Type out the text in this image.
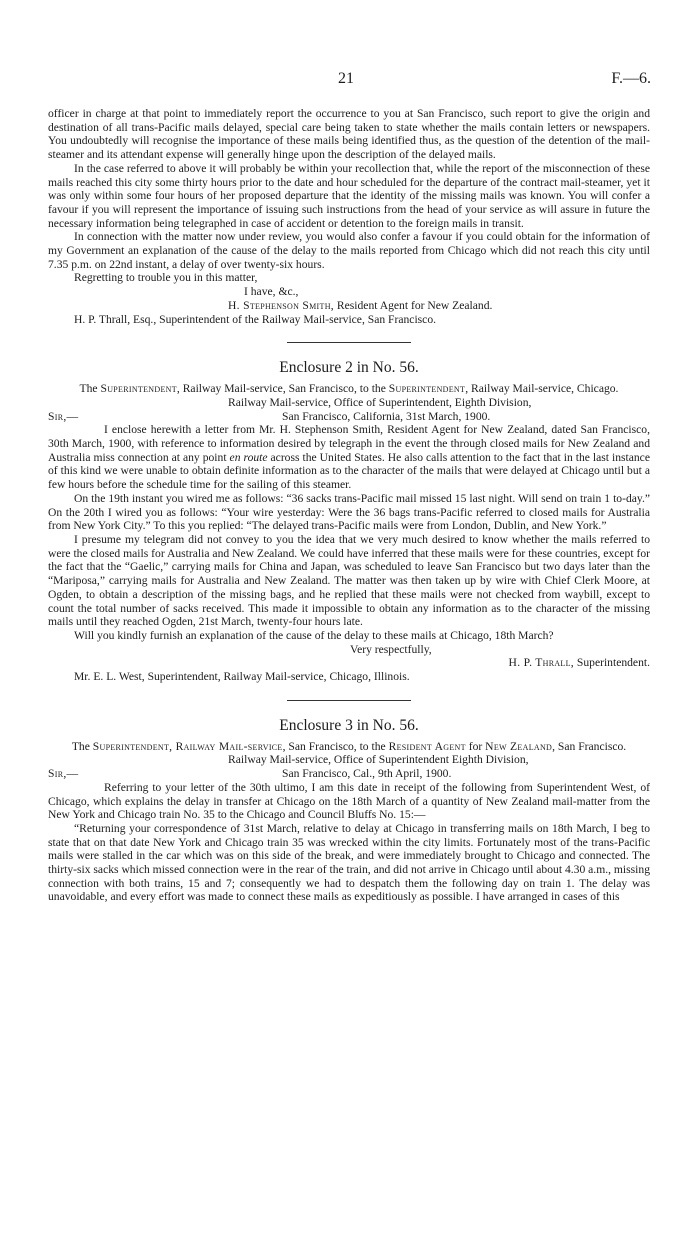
21	F.—6.

officer in charge at that point to immediately report the occurrence to you at San Francisco, such report to give the origin and destination of all trans-Pacific mails delayed, special care being taken to state whether the mails contain letters or newspapers. You undoubtedly will recognise the importance of these mails being identified thus, as the question of the detention of the mail-steamer and its attendant expense will generally hinge upon the description of the delayed mails.

In the case referred to above it will probably be within your recollection that, while the report of the misconnection of these mails reached this city some thirty hours prior to the date and hour scheduled for the departure of the contract mail-steamer, yet it was only within some four hours of her proposed departure that the identity of the missing mails was known. You will confer a favour if you will represent the importance of issuing such instructions from the head of your service as will assure in future the necessary information being telegraphed in case of accident or detention to the foreign mails in transit.

In connection with the matter now under review, you would also confer a favour if you could obtain for the information of my Government an explanation of the cause of the delay to the mails reported from Chicago which did not reach this city until 7.35 p.m. on 22nd instant, a delay of over twenty-six hours.

Regretting to trouble you in this matter,

I have, &c.,

H. Stephenson Smith, Resident Agent for New Zealand.

H. P. Thrall, Esq., Superintendent of the Railway Mail-service, San Francisco.

Enclosure 2 in No. 56.

The Superintendent, Railway Mail-service, San Francisco, to the Superintendent, Railway Mail-service, Chicago.

Railway Mail-service, Office of Superintendent, Eighth Division,

Sir,—	San Francisco, California, 31st March, 1900.

I enclose herewith a letter from Mr. H. Stephenson Smith, Resident Agent for New Zealand, dated San Francisco, 30th March, 1900, with reference to information desired by telegraph in the event the through closed mails for New Zealand and Australia miss connection at any point en route across the United States. He also calls attention to the fact that in the last instance of this kind we were unable to obtain definite information as to the character of the mails that were delayed at Chicago until but a few hours before the schedule time for the sailing of this steamer.

On the 19th instant you wired me as follows: “36 sacks trans-Pacific mail missed 15 last night. Will send on train 1 to-day.” On the 20th I wired you as follows: “Your wire yesterday: Were the 36 bags trans-Pacific referred to closed mails for Australia from New York City.” To this you replied: “The delayed trans-Pacific mails were from London, Dublin, and New York.”

I presume my telegram did not convey to you the idea that we very much desired to know whether the mails referred to were the closed mails for Australia and New Zealand. We could have inferred that these mails were for these countries, except for the fact that the “Gaelic,” carrying mails for China and Japan, was scheduled to leave San Francisco but two days later than the “Mariposa,” carrying mails for Australia and New Zealand. The matter was then taken up by wire with Chief Clerk Moore, at Ogden, to obtain a description of the missing bags, and he replied that these mails were not checked from waybill, except to count the total number of sacks received. This made it impossible to obtain any information as to the character of the missing mails until they reached Ogden, 21st March, twenty-four hours late.

Will you kindly furnish an explanation of the cause of the delay to these mails at Chicago, 18th March?

Very respectfully,

H. P. Thrall, Superintendent.

Mr. E. L. West, Superintendent, Railway Mail-service, Chicago, Illinois.

Enclosure 3 in No. 56.

The Superintendent, Railway Mail-service, San Francisco, to the Resident Agent for New Zealand, San Francisco.

Railway Mail-service, Office of Superintendent Eighth Division,

Sir,—	San Francisco, Cal., 9th April, 1900.

Referring to your letter of the 30th ultimo, I am this date in receipt of the following from Superintendent West, of Chicago, which explains the delay in transfer at Chicago on the 18th March of a quantity of New Zealand mail-matter from the New York and Chicago train No. 35 to the Chicago and Council Bluffs No. 15:—

“Returning your correspondence of 31st March, relative to delay at Chicago in transferring mails on 18th March, I beg to state that on that date New York and Chicago train 35 was wrecked within the city limits. Fortunately most of the trans-Pacific mails were stalled in the car which was on this side of the break, and were immediately brought to Chicago and connected. The thirty-six sacks which missed connection were in the rear of the train, and did not arrive in Chicago until about 4.30 a.m., missing connection with both trains, 15 and 7; consequently we had to despatch them the following day on train 1. The delay was unavoidable, and every effort was made to connect these mails as expeditiously as possible. I have arranged in cases of this
